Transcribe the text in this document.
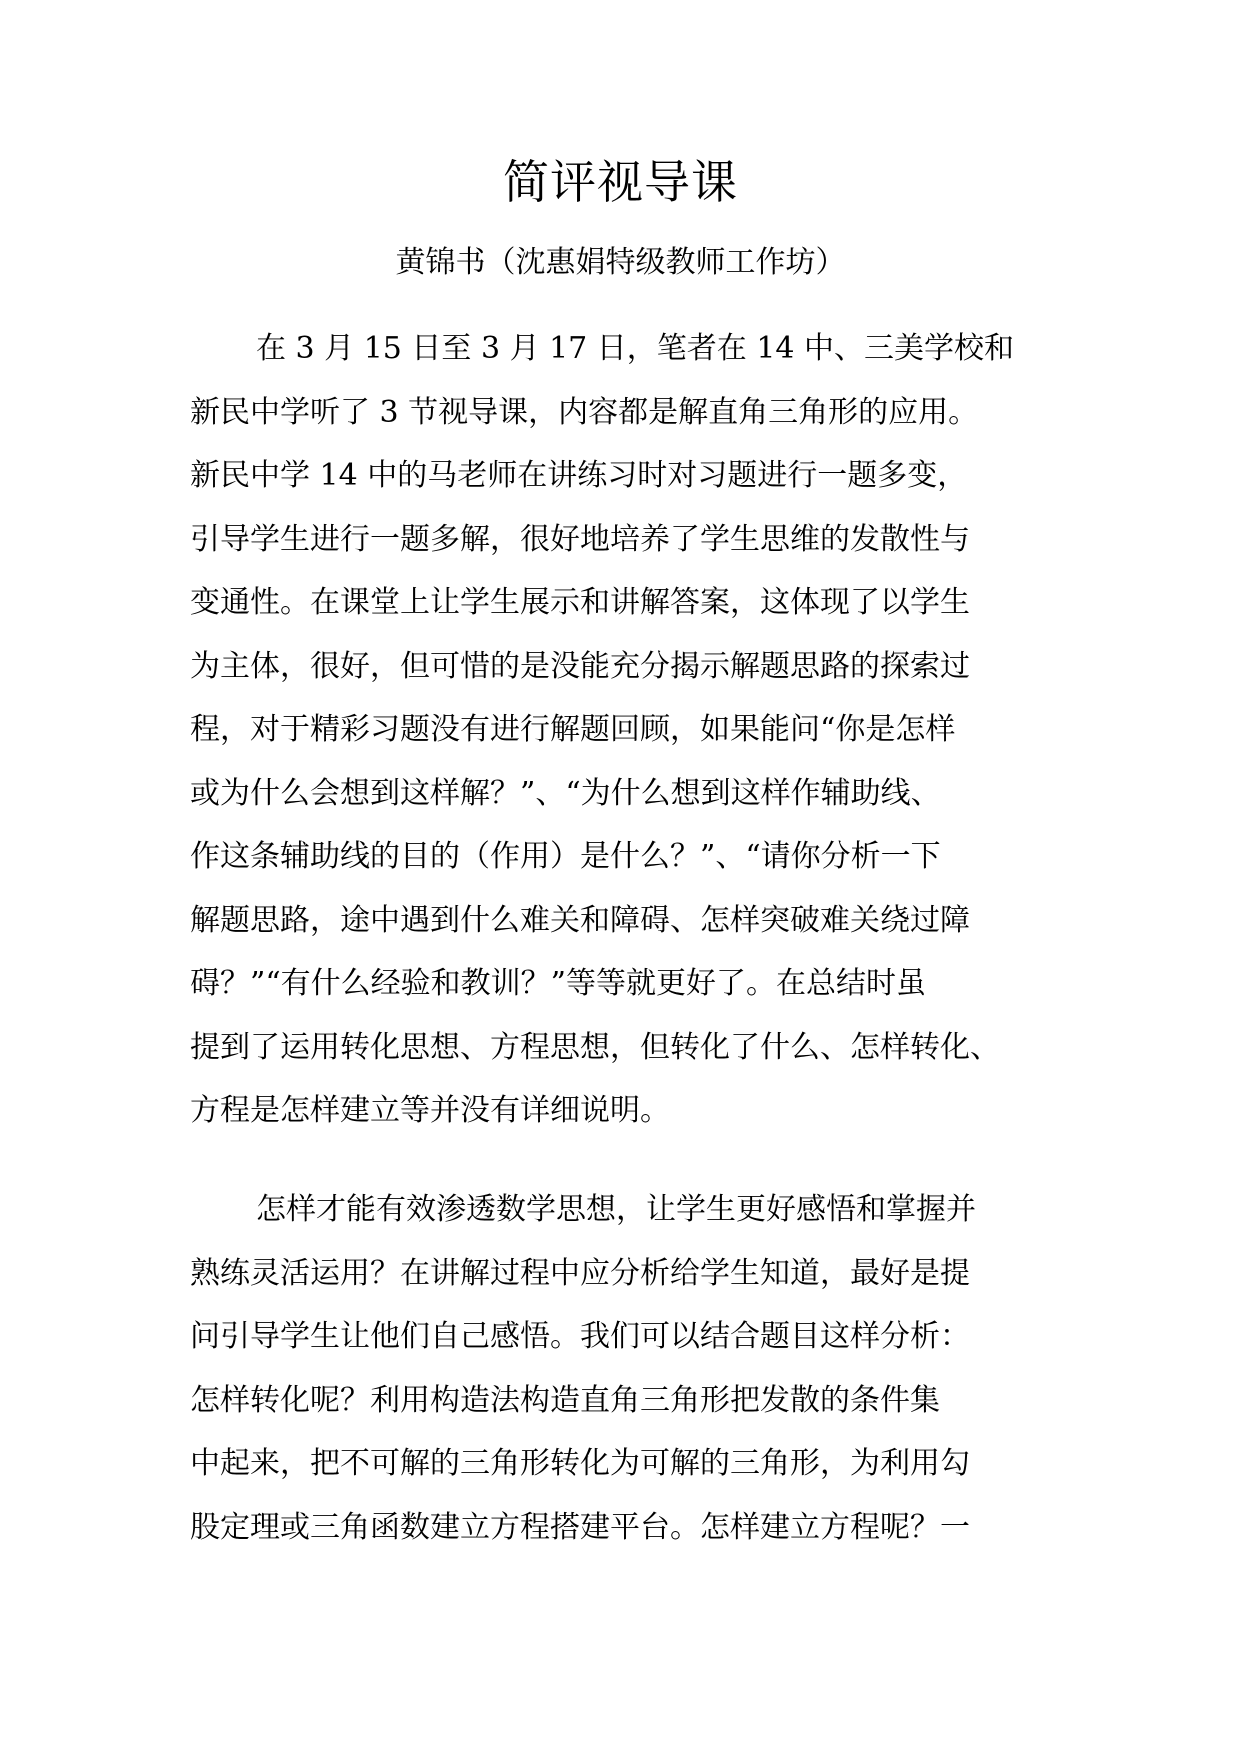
简评视导课
黄锦书（沈惠娟特级教师工作坊）
在 3 月 15 日至 3 月 17 日，笔者在 14 中、三美学校和
新民中学听了 3 节视导课，内容都是解直角三角形的应用。
新民中学 14 中的马老师在讲练习时对习题进行一题多变，
引导学生进行一题多解，很好地培养了学生思维的发散性与
变通性。在课堂上让学生展示和讲解答案，这体现了以学生
为主体，很好，但可惜的是没能充分揭示解题思路的探索过
程，对于精彩习题没有进行解题回顾，如果能问“你是怎样
或为什么会想到这样解？”、“为什么想到这样作辅助线、
作这条辅助线的目的（作用）是什么？”、“请你分析一下
解题思路，途中遇到什么难关和障碍、怎样突破难关绕过障
碍？”“有什么经验和教训？”等等就更好了。在总结时虽
提到了运用转化思想、方程思想，但转化了什么、怎样转化、
方程是怎样建立等并没有详细说明。
怎样才能有效渗透数学思想，让学生更好感悟和掌握并
熟练灵活运用？在讲解过程中应分析给学生知道，最好是提
问引导学生让他们自己感悟。我们可以结合题目这样分析：
怎样转化呢？利用构造法构造直角三角形把发散的条件集
中起来，把不可解的三角形转化为可解的三角形，为利用勾
股定理或三角函数建立方程搭建平台。怎样建立方程呢？一
